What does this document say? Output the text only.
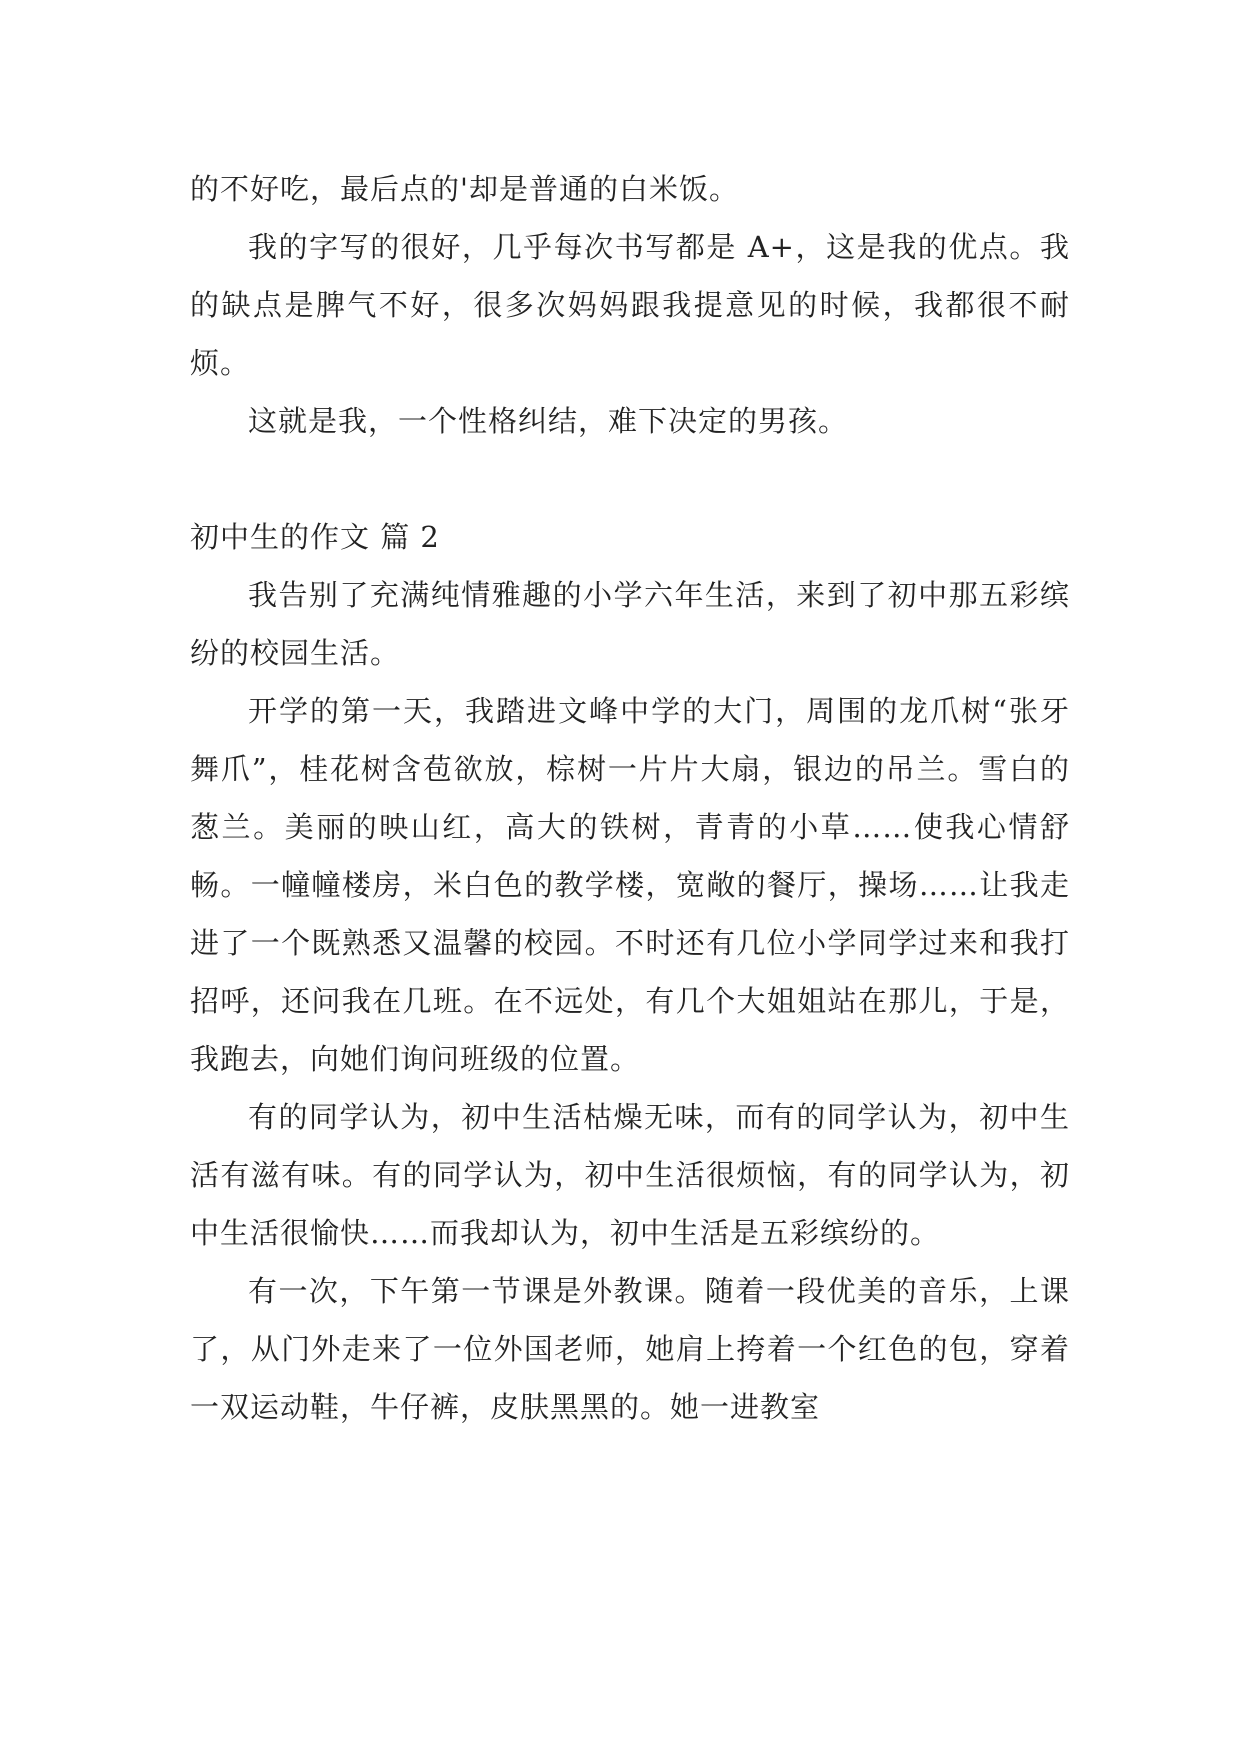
的不好吃，最后点的'却是普通的白米饭。

我的字写的很好，几乎每次书写都是 A+，这是我的优点。我的缺点是脾气不好，很多次妈妈跟我提意见的时候，我都很不耐烦。

这就是我，一个性格纠结，难下决定的男孩。

初中生的作文 篇 2

我告别了充满纯情雅趣的小学六年生活，来到了初中那五彩缤纷的校园生活。

开学的第一天，我踏进文峰中学的大门，周围的龙爪树“张牙舞爪”，桂花树含苞欲放，棕树一片片大扇，银边的吊兰。雪白的葱兰。美丽的映山红，高大的铁树，青青的小草……使我心情舒畅。一幢幢楼房，米白色的教学楼，宽敞的餐厅，操场……让我走进了一个既熟悉又温馨的校园。不时还有几位小学同学过来和我打招呼，还问我在几班。在不远处，有几个大姐姐站在那儿，于是，我跑去，向她们询问班级的位置。

有的同学认为，初中生活枯燥无味，而有的同学认为，初中生活有滋有味。有的同学认为，初中生活很烦恼，有的同学认为，初中生活很愉快……而我却认为，初中生活是五彩缤纷的。

有一次，下午第一节课是外教课。随着一段优美的音乐，上课了，从门外走来了一位外国老师，她肩上挎着一个红色的包，穿着一双运动鞋，牛仔裤，皮肤黑黑的。她一进教室
